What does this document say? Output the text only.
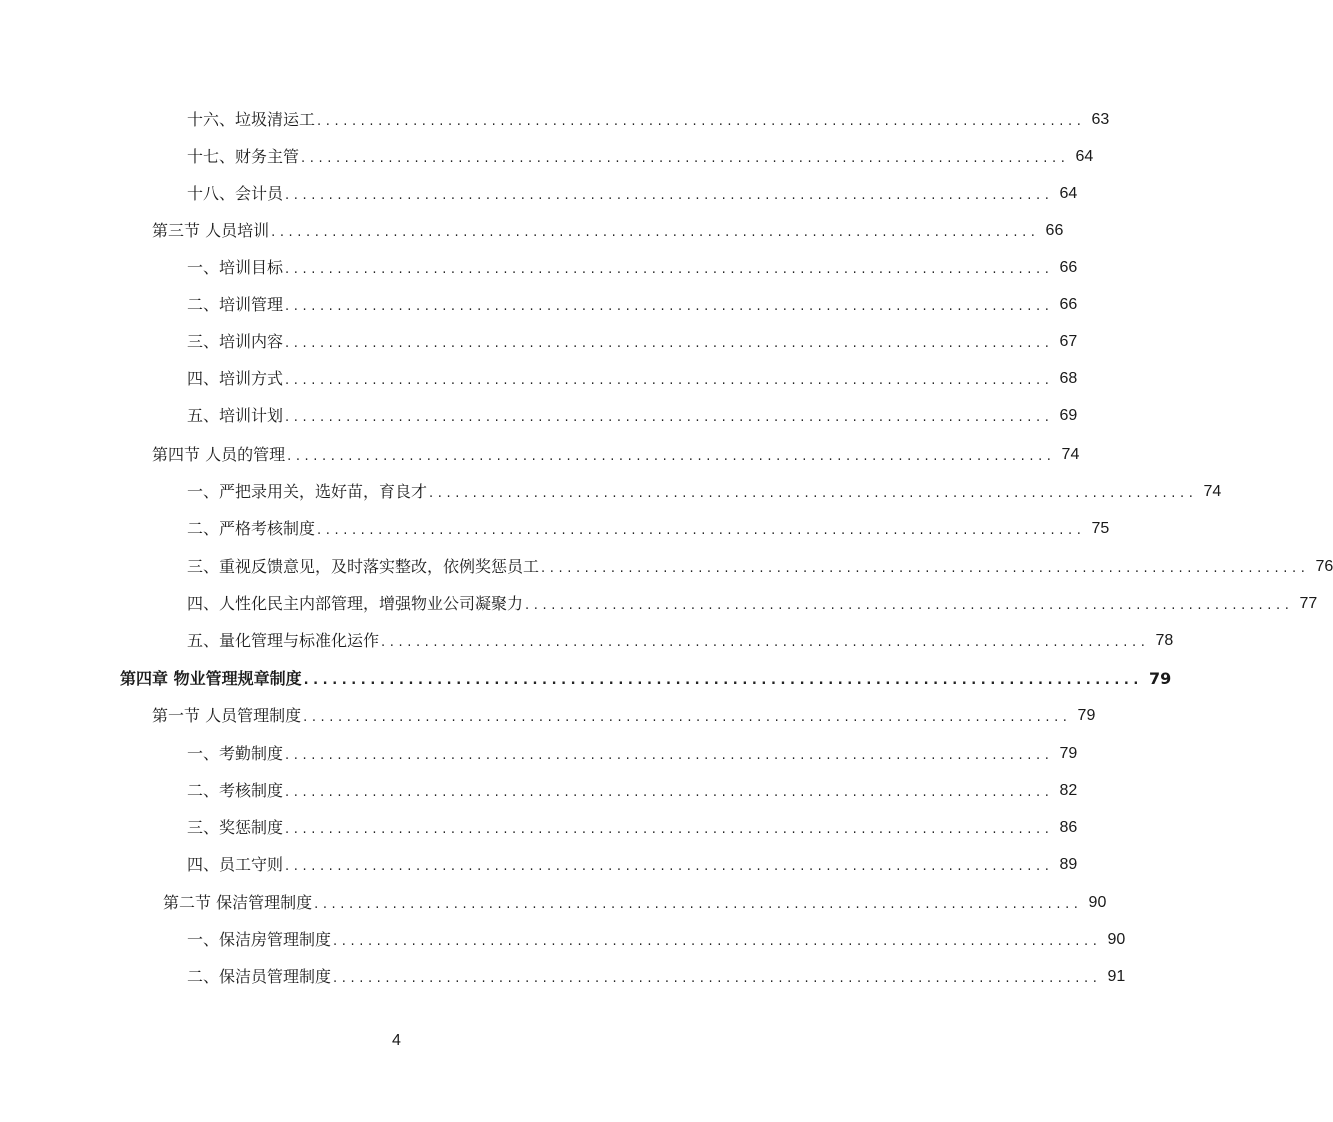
十六、垃圾清运工 ........................................................................................ 63
十七、财务主管 ........................................................................................ 64
十八、会计员 ........................................................................................ 64
第三节 人员培训 ........................................................................................ 66
一、培训目标 ........................................................................................ 66
二、培训管理 ........................................................................................ 66
三、培训内容 ........................................................................................ 67
四、培训方式 ........................................................................................ 68
五、培训计划 ........................................................................................ 69
第四节 人员的管理 ........................................................................................ 74
一、严把录用关，选好苗，育良才 ........................................................................................ 74
二、严格考核制度 ........................................................................................ 75
三、重视反馈意见，及时落实整改，依例奖惩员工 ........................................................................................ 76
四、人性化民主内部管理，增强物业公司凝聚力 ........................................................................................ 77
五、量化管理与标准化运作 ........................................................................................ 78
第四章 物业管理规章制度 ........................................................................................ 79
第一节 人员管理制度 ........................................................................................ 79
一、考勤制度 ........................................................................................ 79
二、考核制度 ........................................................................................ 82
三、奖惩制度 ........................................................................................ 86
四、员工守则 ........................................................................................ 89
第二节 保洁管理制度 ........................................................................................ 90
一、保洁房管理制度 ........................................................................................ 90
二、保洁员管理制度 ........................................................................................ 91
4
